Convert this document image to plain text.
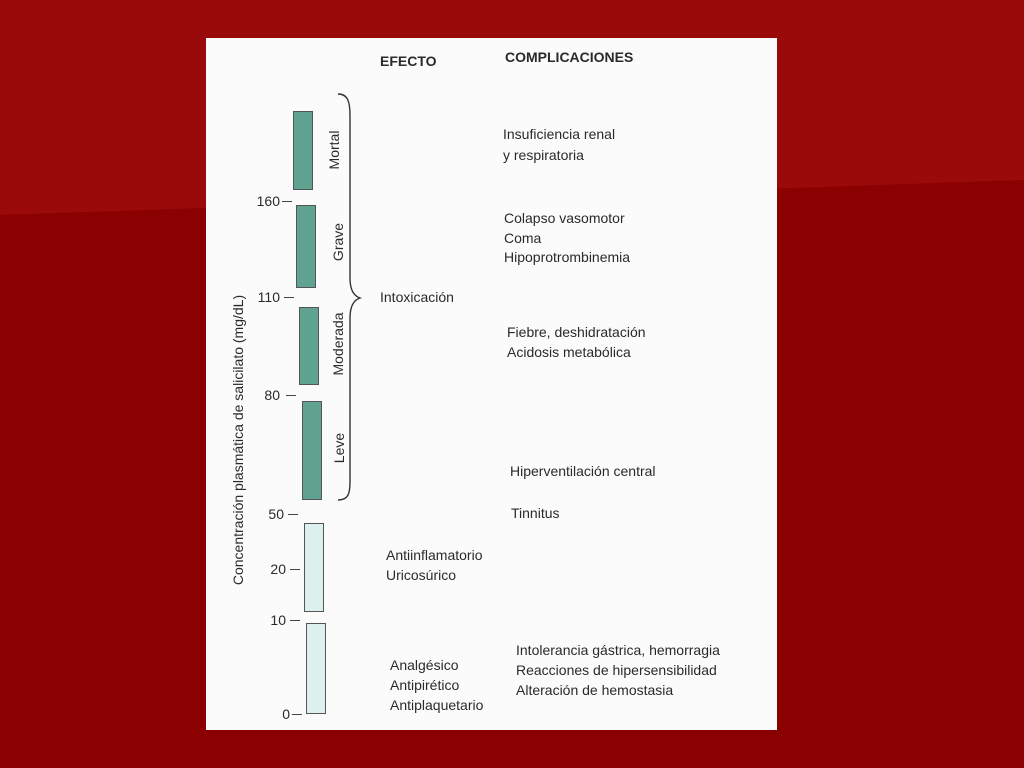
EFECTO	COMPLICACIONES
Concentración plasmática de salicilato (mg/dL)
160
110
80
50
20
10
0
Mortal
Grave
Moderada
Leve
Intoxicación
Antiinflamatorio
Uricosúrico
Analgésico
Antipirético
Antiplaquetario
Insuficiencia renal
y respiratoria
Colapso vasomotor
Coma
Hipoprotrombinemia
Fiebre, deshidratación
Acidosis metabólica
Hiperventilación central
Tinnitus
Intolerancia gástrica, hemorragia
Reacciones de hipersensibilidad
Alteración de hemostasia
